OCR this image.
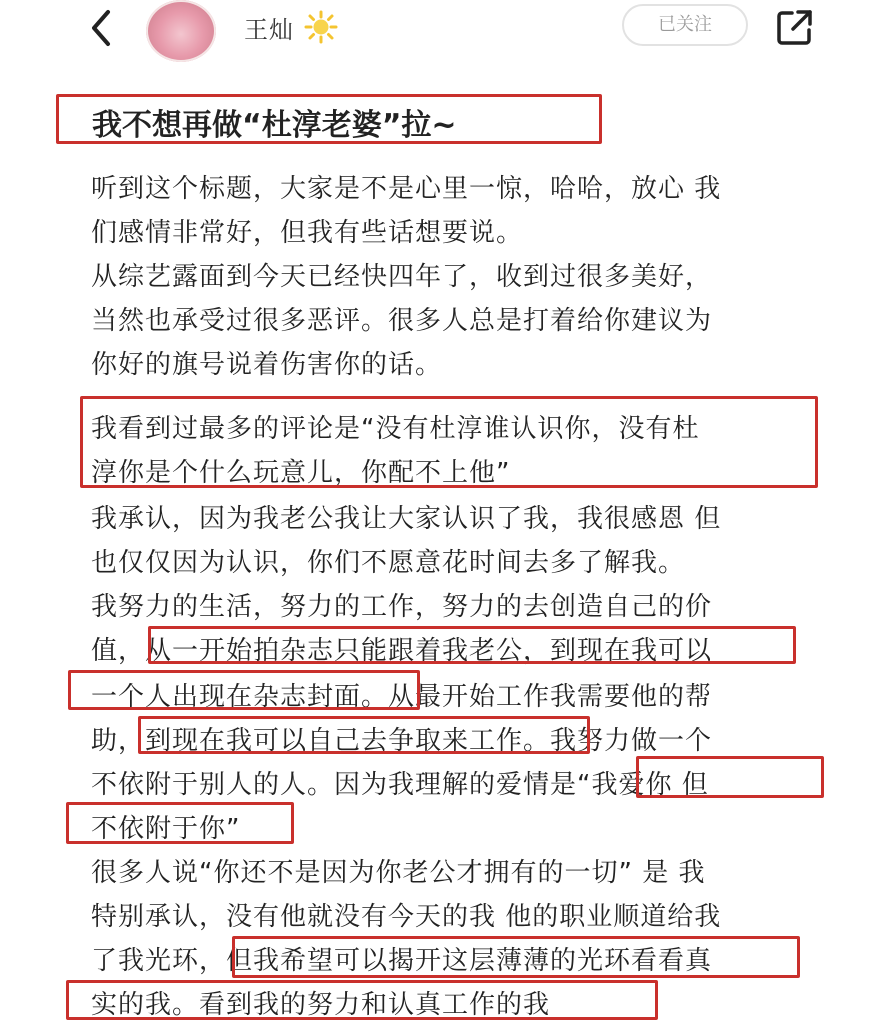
王灿	已关注
我不想再做“杜淳老婆”拉~
听到这个标题，大家是不是心里一惊，哈哈，放心 我
们感情非常好，但我有些话想要说。
从综艺露面到今天已经快四年了，收到过很多美好，
当然也承受过很多恶评。很多人总是打着给你建议为
你好的旗号说着伤害你的话。
我看到过最多的评论是“没有杜淳谁认识你，没有杜
淳你是个什么玩意儿，你配不上他”
我承认，因为我老公我让大家认识了我，我很感恩 但
也仅仅因为认识，你们不愿意花时间去多了解我。
我努力的生活，努力的工作，努力的去创造自己的价
值，从一开始拍杂志只能跟着我老公，到现在我可以
一个人出现在杂志封面。从最开始工作我需要他的帮
助，到现在我可以自己去争取来工作。我努力做一个
不依附于别人的人。因为我理解的爱情是“我爱你 但
不依附于你”
很多人说“你还不是因为你老公才拥有的一切” 是 我
特别承认，没有他就没有今天的我 他的职业顺道给我
了我光环，但我希望可以揭开这层薄薄的光环看看真
实的我。看到我的努力和认真工作的我
